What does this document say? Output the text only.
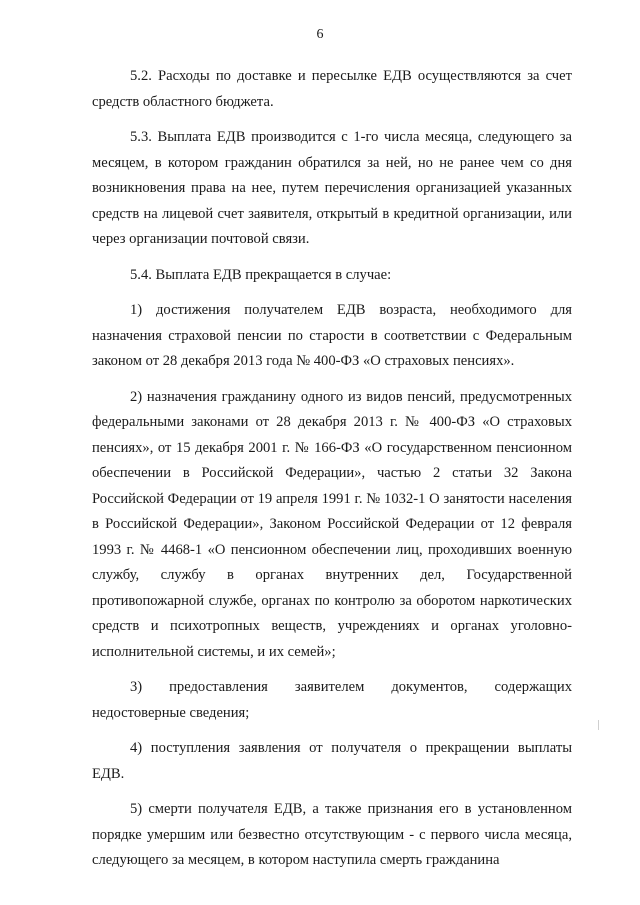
6

5.2. Расходы по доставке и пересылке ЕДВ осуществляются за счет средств областного бюджета.

5.3. Выплата ЕДВ производится с 1-го числа месяца, следующего за месяцем, в котором гражданин обратился за ней, но не ранее чем со дня возникновения права на нее, путем перечисления организацией указанных средств на лицевой счет заявителя, открытый в кредитной организации, или через организации почтовой связи.

5.4. Выплата ЕДВ прекращается в случае:

1) достижения получателем ЕДВ возраста, необходимого для назначения страховой пенсии по старости в соответствии с Федеральным законом от 28 декабря 2013 года № 400-ФЗ «О страховых пенсиях».

2) назначения гражданину одного из видов пенсий, предусмотренных федеральными законами от 28 декабря 2013 г. № 400-ФЗ «О страховых пенсиях», от 15 декабря 2001 г. № 166-ФЗ «О государственном пенсионном обеспечении в Российской Федерации», частью 2 статьи 32 Закона Российской Федерации от 19 апреля 1991 г. № 1032-1 О занятости населения в Российской Федерации», Законом Российской Федерации от 12 февраля 1993 г. № 4468-1 «О пенсионном обеспечении лиц, проходивших военную службу, службу в органах внутренних дел, Государственной противопожарной службе, органах по контролю за оборотом наркотических средств и психотропных веществ, учреждениях и органах уголовно-исполнительной системы, и их семей»;

3) предоставления заявителем документов, содержащих недостоверные сведения;

4) поступления заявления от получателя о прекращении выплаты ЕДВ.

5) смерти получателя ЕДВ, а также признания его в установленном порядке умершим или безвестно отсутствующим - с первого числа месяца, следующего за месяцем, в котором наступила смерть гражданина
